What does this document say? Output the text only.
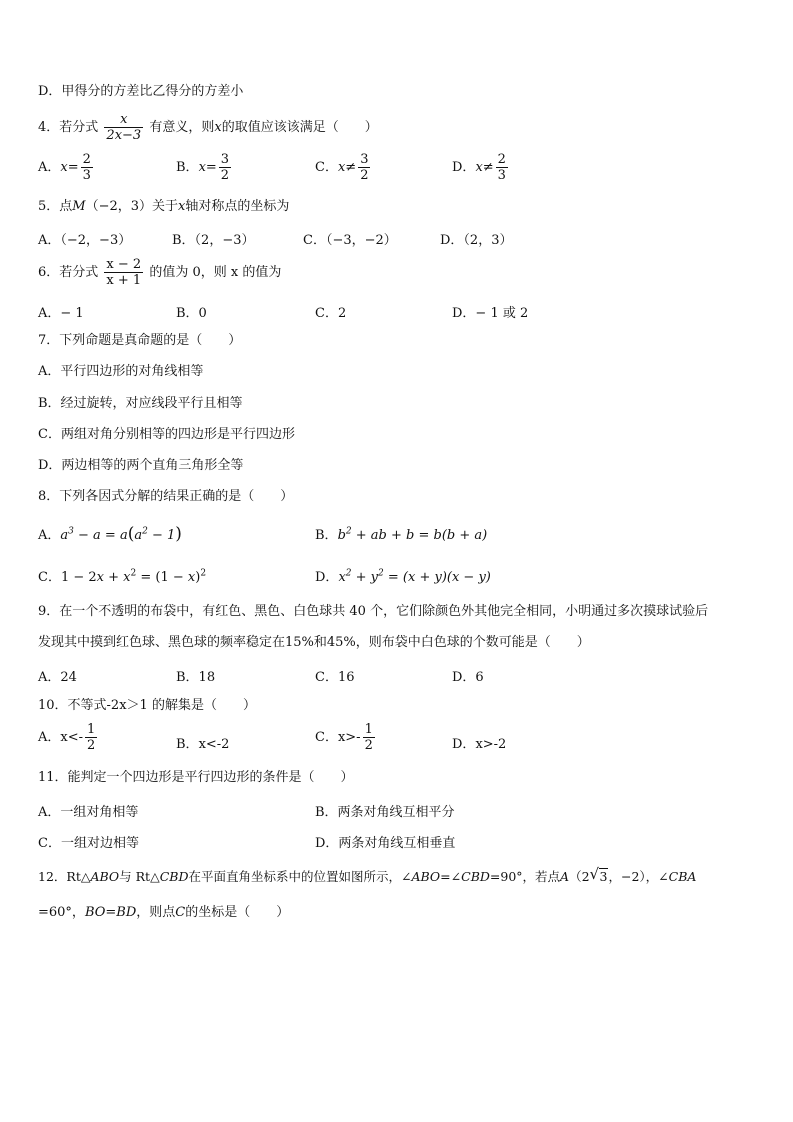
D．甲得分的方差比乙得分的方差小
4．若分式 $\frac{x}{2x-3}$ 有意义，则x的取值应该该满足（　　）
A．$x= \frac{2}{3}$	B．$x= \frac{3}{2}$	C．$x\ne \frac{3}{2}$	D．$x\ne \frac{2}{3}$
5．点M（−2，3）关于x轴对称点的坐标为
A．（−2，−3）	B．（2，−3）	C．（−3，−2）	D．（2，3）
6．若分式 $\frac{x - 2}{x + 1}$ 的值为 0，则 x 的值为
A．− 1	B．0	C．2	D．− 1 或 2
7．下列命题是真命题的是（　　）
A．平行四边形的对角线相等
B．经过旋转，对应线段平行且相等
C．两组对角分别相等的四边形是平行四边形
D．两边相等的两个直角三角形全等
8．下列各因式分解的结果正确的是（　　）
A．$a^3 - a = a(a^2 - 1)$	B．$b^2$ + ab + b = b(b + a)
C．$1 - 2x + x^2 = (1 - x)^2$	D．$x^2 + y^2 = (x + y)(x - y)$
9．在一个不透明的布袋中，有红色、黑色、白色球共 40 个，它们除颜色外其他完全相同，小明通过多次摸球试验后
发现其中摸到红色球、黑色球的频率稳定在15%和45%，则布袋中白色球的个数可能是（　　）
A．24	B．18	C．16	D．6
10．不等式-2x＞1 的解集是（　　）
A．$x<- \frac{1}{2}$	B．x<-2	C．$x>- \frac{1}{2}$	D．x>-2
11．能判定一个四边形是平行四边形的条件是（　　）
A．一组对角相等	B．两条对角线互相平分
C．一组对边相等	D．两条对角线互相垂直
12．Rt△ABO与 Rt△CBD在平面直角坐标系中的位置如图所示，∠ABO=∠CBD=90°，若点A（2 √ 3，−2），∠CBA
=60°，BO=BD，则点C的坐标是（　　）
